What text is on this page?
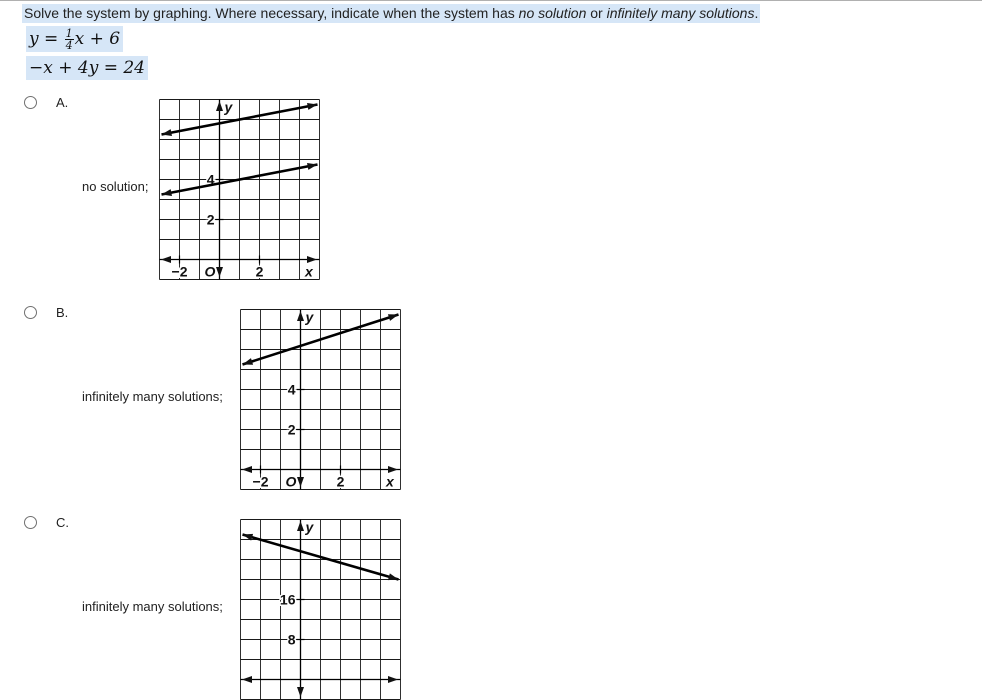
Solve the system by graphing. Where necessary, indicate when the system has no solution or infinitely many solutions.
$y = \frac{1}{4}$ x + 6
−x + 4y = 24
A.
no solution;
y
x
O
−2	2
2
4
B.
infinitely many solutions;
y
x
O
−2	2
2
4
C.
infinitely many solutions;
y
8
16
